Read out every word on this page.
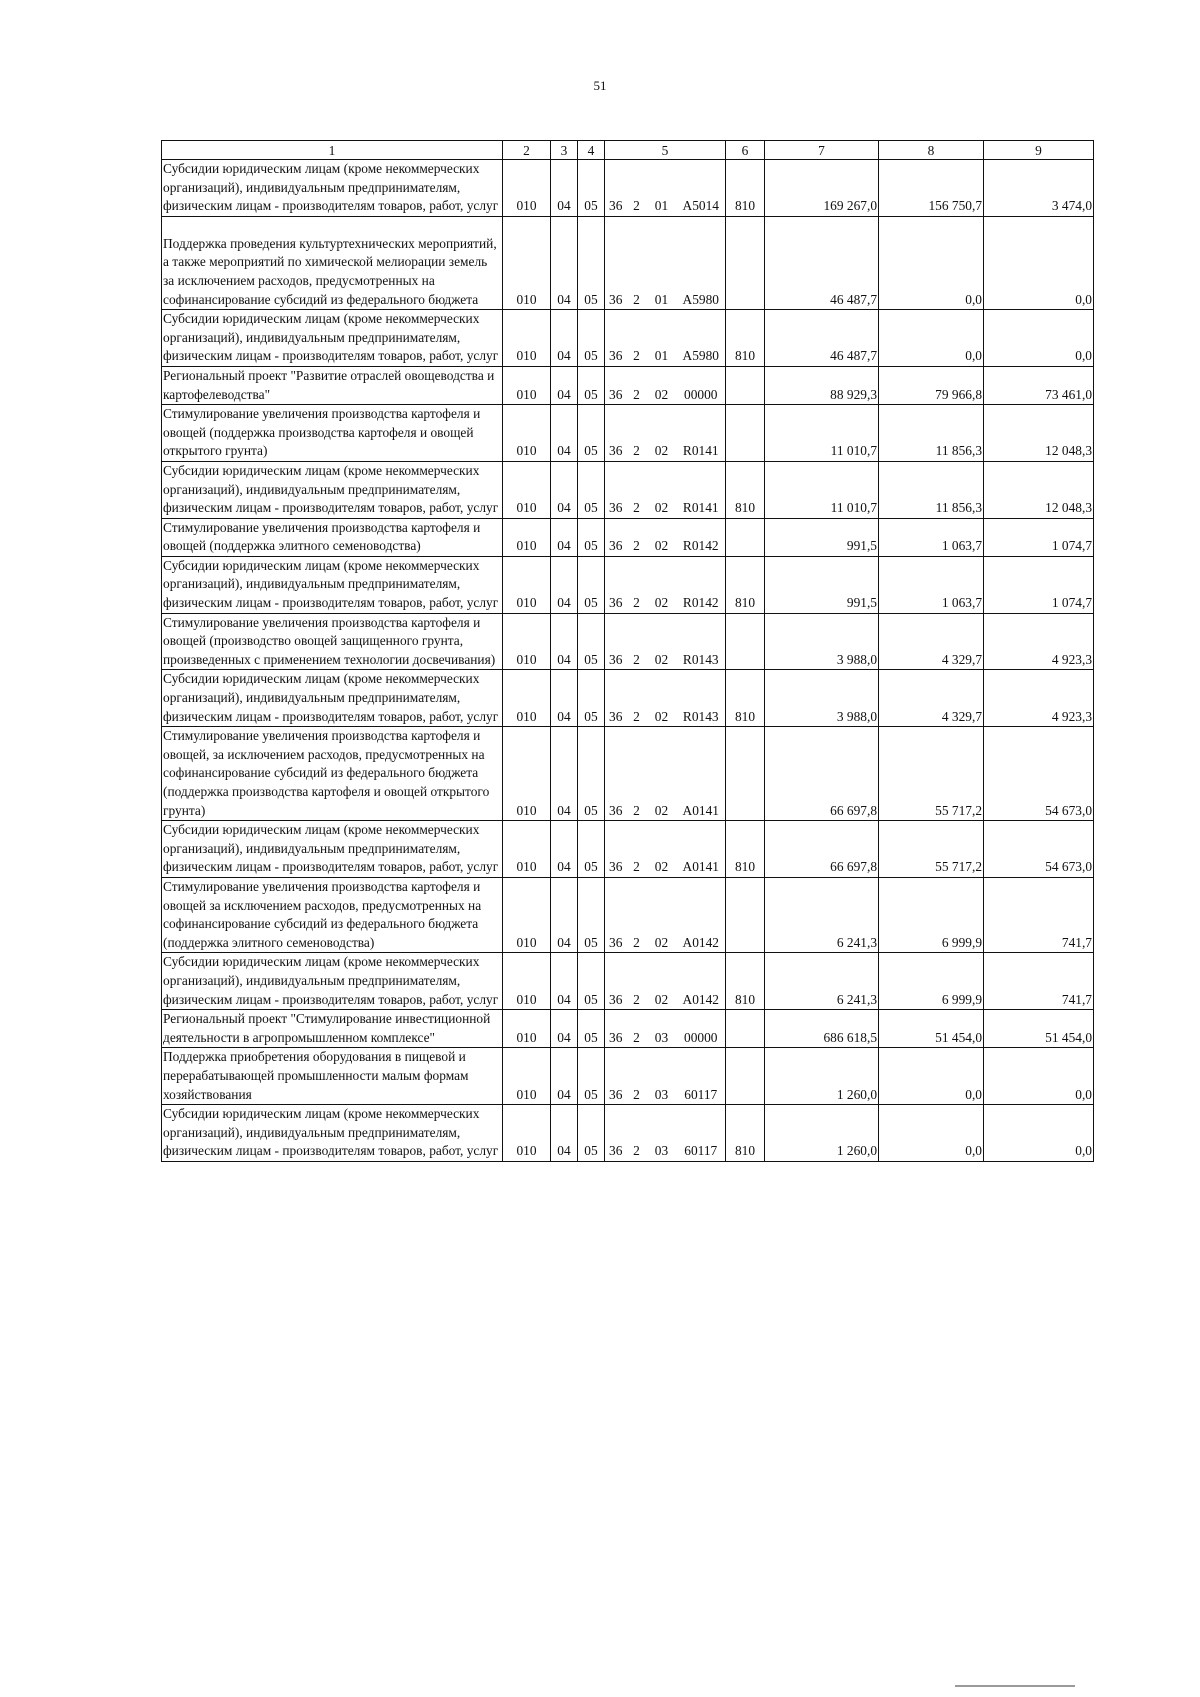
51
1	2	3	4	5				6	7	8	9
Субсидии юридическим лицам (кроме некоммерческих организаций), индивидуальным предпринимателям, физическим лицам - производителям товаров, работ, услуг	010	04	05	36	2	01	A5014	810	169 267,0	156 750,7	3 474,0
Поддержка проведения культуртехнических мероприятий, а также мероприятий по химической мелиорации земель за исключением расходов, предусмотренных на софинансирование субсидий из федерального бюджета	010	04	05	36	2	01	A5980		46 487,7	0,0	0,0
Субсидии юридическим лицам (кроме некоммерческих организаций), индивидуальным предпринимателям, физическим лицам - производителям товаров, работ, услуг	010	04	05	36	2	01	A5980	810	46 487,7	0,0	0,0
Региональный проект "Развитие отраслей овощеводства и картофелеводства"	010	04	05	36	2	02	00000		88 929,3	79 966,8	73 461,0
Стимулирование увеличения производства картофеля и овощей (поддержка производства картофеля и овощей открытого грунта)	010	04	05	36	2	02	R0141		11 010,7	11 856,3	12 048,3
Субсидии юридическим лицам (кроме некоммерческих организаций), индивидуальным предпринимателям, физическим лицам - производителям товаров, работ, услуг	010	04	05	36	2	02	R0141	810	11 010,7	11 856,3	12 048,3
Стимулирование увеличения производства картофеля и овощей (поддержка элитного семеноводства)	010	04	05	36	2	02	R0142		991,5	1 063,7	1 074,7
Субсидии юридическим лицам (кроме некоммерческих организаций), индивидуальным предпринимателям, физическим лицам - производителям товаров, работ, услуг	010	04	05	36	2	02	R0142	810	991,5	1 063,7	1 074,7
Стимулирование увеличения производства картофеля и овощей (производство овощей защищенного грунта, произведенных с применением технологии досвечивания)	010	04	05	36	2	02	R0143		3 988,0	4 329,7	4 923,3
Субсидии юридическим лицам (кроме некоммерческих организаций), индивидуальным предпринимателям, физическим лицам - производителям товаров, работ, услуг	010	04	05	36	2	02	R0143	810	3 988,0	4 329,7	4 923,3
Стимулирование увеличения производства картофеля и овощей, за исключением расходов, предусмотренных на софинансирование субсидий из федерального бюджета (поддержка производства картофеля и овощей открытого грунта)	010	04	05	36	2	02	A0141		66 697,8	55 717,2	54 673,0
Субсидии юридическим лицам (кроме некоммерческих организаций), индивидуальным предпринимателям, физическим лицам - производителям товаров, работ, услуг	010	04	05	36	2	02	A0141	810	66 697,8	55 717,2	54 673,0
Стимулирование увеличения производства картофеля и овощей за исключением расходов, предусмотренных на софинансирование субсидий из федерального бюджета (поддержка элитного семеноводства)	010	04	05	36	2	02	A0142		6 241,3	6 999,9	741,7
Субсидии юридическим лицам (кроме некоммерческих организаций), индивидуальным предпринимателям, физическим лицам - производителям товаров, работ, услуг	010	04	05	36	2	02	A0142	810	6 241,3	6 999,9	741,7
Региональный проект "Стимулирование инвестиционной деятельности в агропромышленном комплексе"	010	04	05	36	2	03	00000		686 618,5	51 454,0	51 454,0
Поддержка приобретения оборудования в пищевой и перерабатывающей промышленности малым формам хозяйствования	010	04	05	36	2	03	60117		1 260,0	0,0	0,0
Субсидии юридическим лицам (кроме некоммерческих организаций), индивидуальным предпринимателям, физическим лицам - производителям товаров, работ, услуг	010	04	05	36	2	03	60117	810	1 260,0	0,0	0,0
